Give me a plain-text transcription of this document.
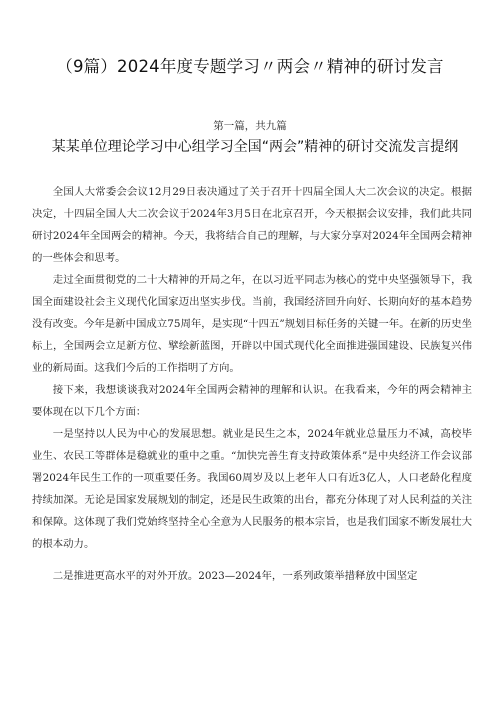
（9篇）2024年度专题学习〃两会〃精神的研讨发言
第一篇，共九篇
某某单位理论学习中心组学习全国“两会”精神的研讨交流发言提纲

全国人大常委会会议12月29日表决通过了关于召开十四届全国人大二次会议的决定。根据决定，十四届全国人大二次会议于2024年3月5日在北京召开，今天根据会议安排，我们此共同研讨2024年全国两会的精神。今天，我将结合自己的理解，与大家分享对2024年全国两会精神的一些体会和思考。

走过全面贯彻党的二十大精神的开局之年，在以习近平同志为核心的党中央坚强领导下，我国全面建设社会主义现代化国家迈出坚实步伐。当前，我国经济回升向好、长期向好的基本趋势没有改变。今年是新中国成立75周年，是实现“十四五”规划目标任务的关键一年。在新的历史坐标上，全国两会立足新方位、擘绘新蓝图，开辟以中国式现代化全面推进强国建设、民族复兴伟业的新局面。这我们今后的工作指明了方向。

接下来，我想谈谈我对2024年全国两会精神的理解和认识。在我看来，今年的两会精神主要体现在以下几个方面：

一是坚持以人民为中心的发展思想。就业是民生之本，2024年就业总量压力不减，高校毕业生、农民工等群体是稳就业的重中之重。“加快完善生育支持政策体系”是中央经济工作会议部署2024年民生工作的一项重要任务。我国60周岁及以上老年人口有近3亿人，人口老龄化程度持续加深。无论是国家发展规划的制定，还是民生政策的出台，都充分体现了对人民利益的关注和保障。这体现了我们党始终坚持全心全意为人民服务的根本宗旨，也是我们国家不断发展壮大的根本动力。

二是推进更高水平的对外开放。2023—2024年，一系列政策举措释放中国坚定
